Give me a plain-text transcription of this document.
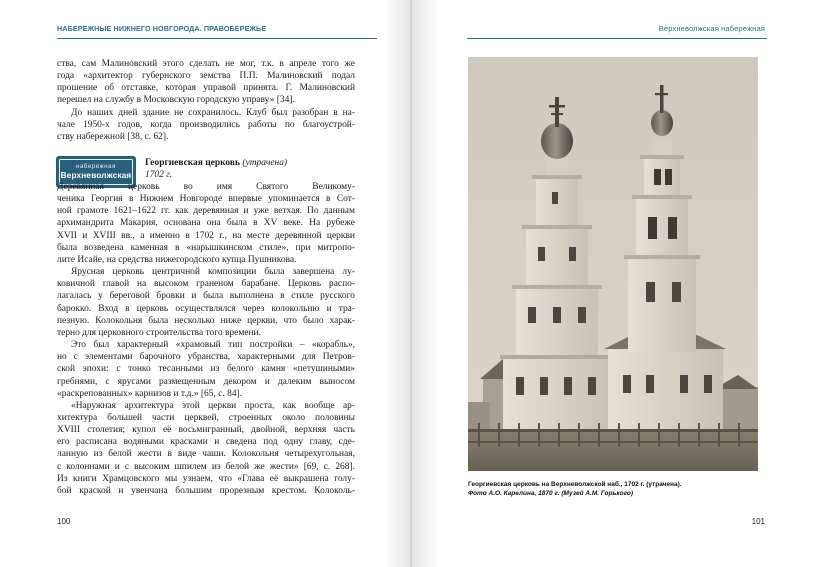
НАБЕРЕЖНЫЕ НИЖНЕГО НОВГОРОДА. ПРАВОБЕРЕЖЬЕ
ства, сам Малиновский этого сделать не мог, т.к. в апреле того же
года «архитектор губернского земства П.П. Малиновский подал
прошение об отставке, которая управой принята. Г. Малиновский
перешел на службу в Московскую городскую управу» [34].
До наших дней здание не сохранилось. Клуб был разобран в на-
чале 1950-х годов, когда производились работы по благоустрой-
ству набережной [38, с. 62].
набережная
Верхневолжская
Георгиевская церковь (утрачена)
1702 г.
Деревянная церковь во имя Святого Великому-
ченика Георгия в Нижнем Новгороде впервые упоминается в Сот-
ной грамоте 1621–1622 гг. как деревянная и уже ветхая. По данным
архимандрита Макария, основана она была в XV веке. На рубеже
XVII и XVIII вв., а именно в 1702 г., на месте деревянной церкви
была возведена каменная в «нарышкинском стиле», при митропо-
лите Исайе, на средства нижегородского купца Пушникова.
Ярусная церковь центричной композиции была завершена лу-
ковичной главой на высоком граненом барабане. Церковь распо-
лагалась у береговой бровки и была выполнена в стиле русского
барокко. Вход в церковь осуществлялся через колокольню и тра-
пезную. Колокольня была несколько ниже церкви, что было харак-
терно для церковного строительства того времени.
Это был характерный «храмовый тип постройки – «корабль»,
но с элементами барочного убранства, характерными для Петров-
ской эпохи: с тонко тесанными из белого камня «петушиными»
гребнями, с ярусами размещенным декором и далеким выносом
«раскрепованных» карнизов и т.д.» [65, с. 84].
«Наружная архитектура этой церкви проста, как вообще ар-
хитектура большей части церквей, строенных около половины
XVIII столетия; купол её восьмигранный, двойной, верхняя часть
его расписана водяными красками и сведена под одну главу, сде-
ланную из белой жести в виде чаши. Колокольня четырехугольная,
с колоннами и с высоким шпилем из белой же жести» [69, с. 268].
Из книги Храмцовского мы узнаем, что «Глава её выкрашена голу-
бой краской и увенчана большим прорезным крестом. Колоколь-
100
Верхневолжская набережная
Георгиевская церковь на Верхневолжской наб., 1702 г. (утрачена).
Фото А.О. Карелина, 1870 г. (Музей А.М. Горького)
101
